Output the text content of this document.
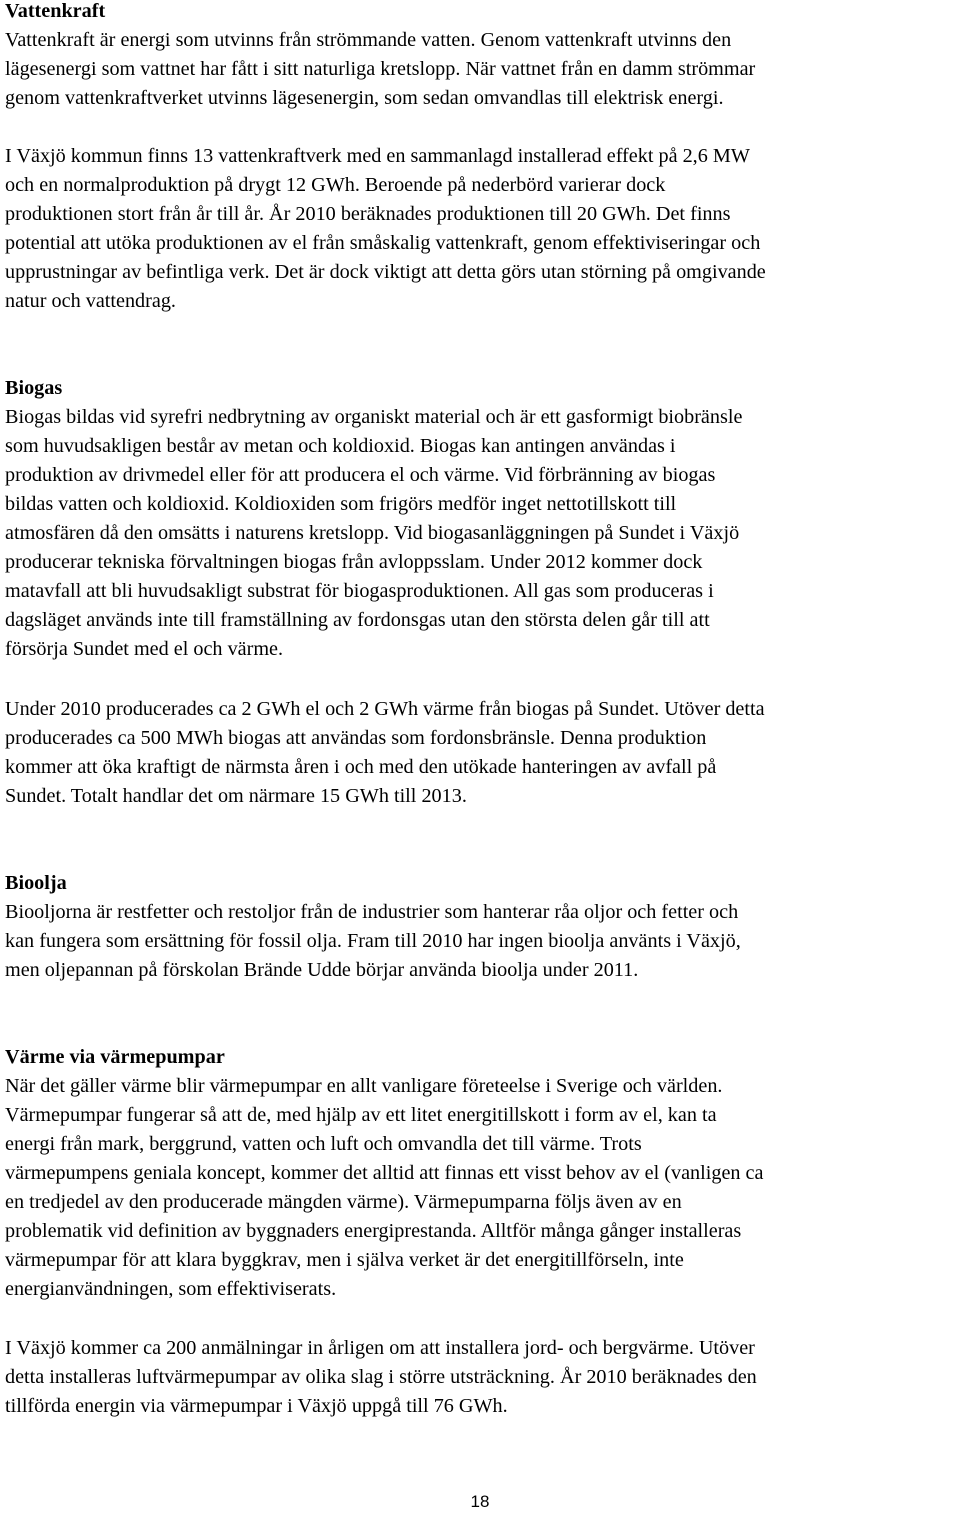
Vattenkraft
Vattenkraft är energi som utvinns från strömmande vatten. Genom vattenkraft utvinns den
lägesenergi som vattnet har fått i sitt naturliga kretslopp. När vattnet från en damm strömmar
genom vattenkraftverket utvinns lägesenergin, som sedan omvandlas till elektrisk energi.
I Växjö kommun finns 13 vattenkraftverk med en sammanlagd installerad effekt på 2,6 MW
och en normalproduktion på drygt 12 GWh. Beroende på nederbörd varierar dock
produktionen stort från år till år. År 2010 beräknades produktionen till 20 GWh. Det finns
potential att utöka produktionen av el från småskalig vattenkraft, genom effektiviseringar och
upprustningar av befintliga verk. Det är dock viktigt att detta görs utan störning på omgivande
natur och vattendrag.
Biogas
Biogas bildas vid syrefri nedbrytning av organiskt material och är ett gasformigt biobränsle
som huvudsakligen består av metan och koldioxid. Biogas kan antingen användas i
produktion av drivmedel eller för att producera el och värme. Vid förbränning av biogas
bildas vatten och koldioxid. Koldioxiden som frigörs medför inget nettotillskott till
atmosfären då den omsätts i naturens kretslopp. Vid biogasanläggningen på Sundet i Växjö
producerar tekniska förvaltningen biogas från avloppsslam. Under 2012 kommer dock
matavfall att bli huvudsakligt substrat för biogasproduktionen. All gas som produceras i
dagsläget används inte till framställning av fordonsgas utan den största delen går till att
försörja Sundet med el och värme.
Under 2010 producerades ca 2 GWh el och 2 GWh värme från biogas på Sundet. Utöver detta
producerades ca 500 MWh biogas att användas som fordonsbränsle. Denna produktion
kommer att öka kraftigt de närmsta åren i och med den utökade hanteringen av avfall på
Sundet. Totalt handlar det om närmare 15 GWh till 2013.
Bioolja
Biooljorna är restfetter och restoljor från de industrier som hanterar råa oljor och fetter och
kan fungera som ersättning för fossil olja. Fram till 2010 har ingen bioolja använts i Växjö,
men oljepannan på förskolan Brände Udde börjar använda bioolja under 2011.
Värme via värmepumpar
När det gäller värme blir värmepumpar en allt vanligare företeelse i Sverige och världen.
Värmepumpar fungerar så att de, med hjälp av ett litet energitillskott i form av el, kan ta
energi från mark, berggrund, vatten och luft och omvandla det till värme. Trots
värmepumpens geniala koncept, kommer det alltid att finnas ett visst behov av el (vanligen ca
en tredjedel av den producerade mängden värme). Värmepumparna följs även av en
problematik vid definition av byggnaders energiprestanda. Alltför många gånger installeras
värmepumpar för att klara byggkrav, men i själva verket är det energitillförseln, inte
energianvändningen, som effektiviserats.
I Växjö kommer ca 200 anmälningar in årligen om att installera jord- och bergvärme. Utöver
detta installeras luftvärmepumpar av olika slag i större utsträckning. År 2010 beräknades den
tillförda energin via värmepumpar i Växjö uppgå till 76 GWh.
18
